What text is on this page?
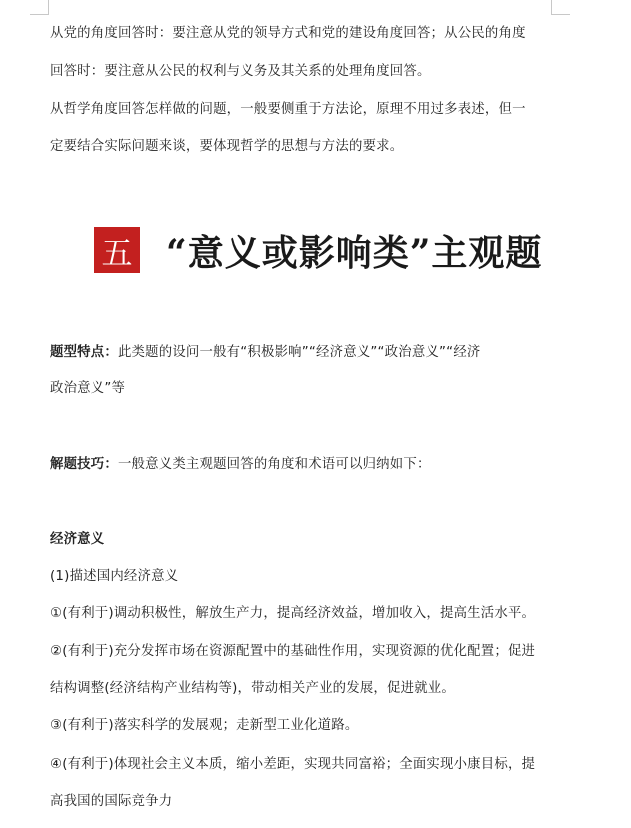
从党的角度回答时：要注意从党的领导方式和党的建设角度回答；从公民的角度
回答时：要注意从公民的权利与义务及其关系的处理角度回答。
从哲学角度回答怎样做的问题，一般要侧重于方法论，原理不用过多表述，但一
定要结合实际问题来谈，要体现哲学的思想与方法的要求。
题型特点：此类题的设问一般有“积极影响”“经济意义”“政治意义”“经济
政治意义”等
解题技巧：一般意义类主观题回答的角度和术语可以归纳如下：
经济意义
(1)描述国内经济意义
①(有利于)调动积极性，解放生产力，提高经济效益，增加收入，提高生活水平。
②(有利于)充分发挥市场在资源配置中的基础性作用，实现资源的优化配置；促进
结构调整(经济结构产业结构等)，带动相关产业的发展，促进就业。
③(有利于)落实科学的发展观；走新型工业化道路。
④(有利于)体现社会主义本质，缩小差距，实现共同富裕；全面实现小康目标，提
高我国的国际竞争力
五 “意义或影响类”主观题
